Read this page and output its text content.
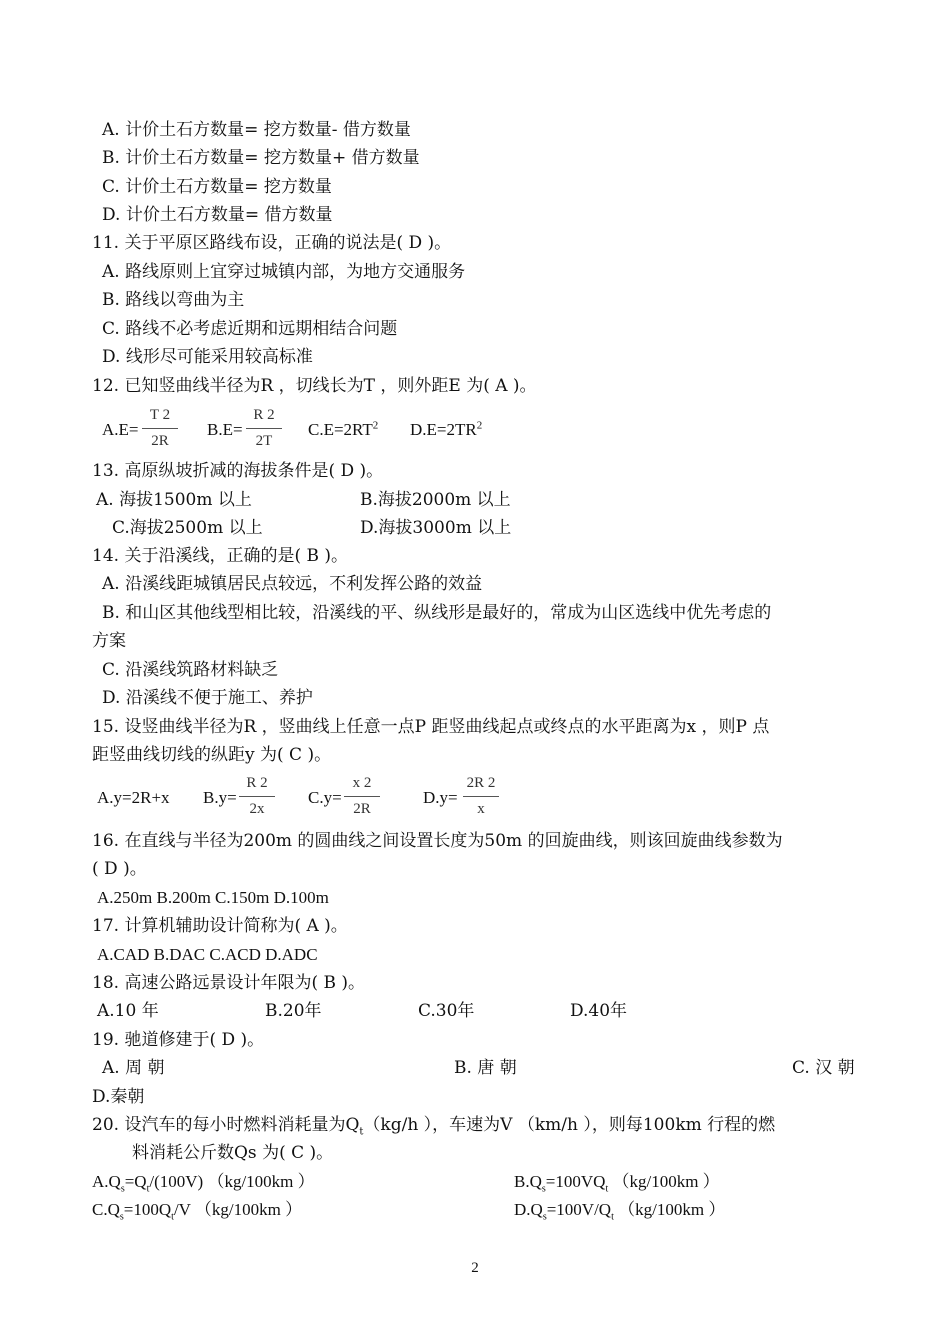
A. 计价土石方数量= 挖方数量- 借方数量
B. 计价土石方数量= 挖方数量+ 借方数量
C. 计价土石方数量= 挖方数量
D. 计价土石方数量= 借方数量
11. 关于平原区路线布设，正确的说法是( D )。
A. 路线原则上宜穿过城镇内部，为地方交通服务
B. 路线以弯曲为主
C. 路线不必考虑近期和远期相结合问题
D. 线形尽可能采用较高标准
12. 已知竖曲线半径为R ，切线长为T ，则外距E 为( A )。
A.E=
T 2
2R
B.E=
R 2
2T
$C.E=2RT^2$ $D.E=2TR^2$
13. 高原纵坡折减的海拔条件是( D )。
A. 海拔1500m 以上	B.海拔2000m 以上
C.海拔2500m 以上	D.海拔3000m 以上
14. 关于沿溪线，正确的是( B )。
A. 沿溪线距城镇居民点较远，不利发挥公路的效益
B. 和山区其他线型相比较，沿溪线的平、纵线形是最好的，常成为山区选线中优先考虑的
方案
C. 沿溪线筑路材料缺乏
D. 沿溪线不便于施工、养护
15. 设竖曲线半径为R ，竖曲线上任意一点P 距竖曲线起点或终点的水平距离为x ，则P 点
距竖曲线切线的纵距y 为( C )。
A.y=2R+x B.y=
R 2
2x
C.y=
x 2
2R
D.y=
2R 2
x
16. 在直线与半径为200m 的圆曲线之间设置长度为50m 的回旋曲线，则该回旋曲线参数为
( D )。
A.250m B.200m C.150m D.100m
17. 计算机辅助设计简称为( A )。
A.CAD B.DAC C.ACD D.ADC
18. 高速公路远景设计年限为( B )。
A.10 年	B.20年	C.30年	D.40年
19. 驰道修建于( D )。
A. 周 朝	B. 唐 朝	C. 汉 朝
D.秦朝
20. 设汽车的每小时燃料消耗量为$Q_t(kg/h$ ），车速为V （km/h ），则每100km 行程的燃
料消耗公斤数Qs 为( C )。
$A.Q_s=Q_t/(100V)$ （kg/100km ）	$B.Q_s=100VQ_t$ （kg/100km ）
$C.Q_s=100Q_t/V$ （kg/100km ）	$D.Q_s=100V/Q_t$ （kg/100km ）
2
